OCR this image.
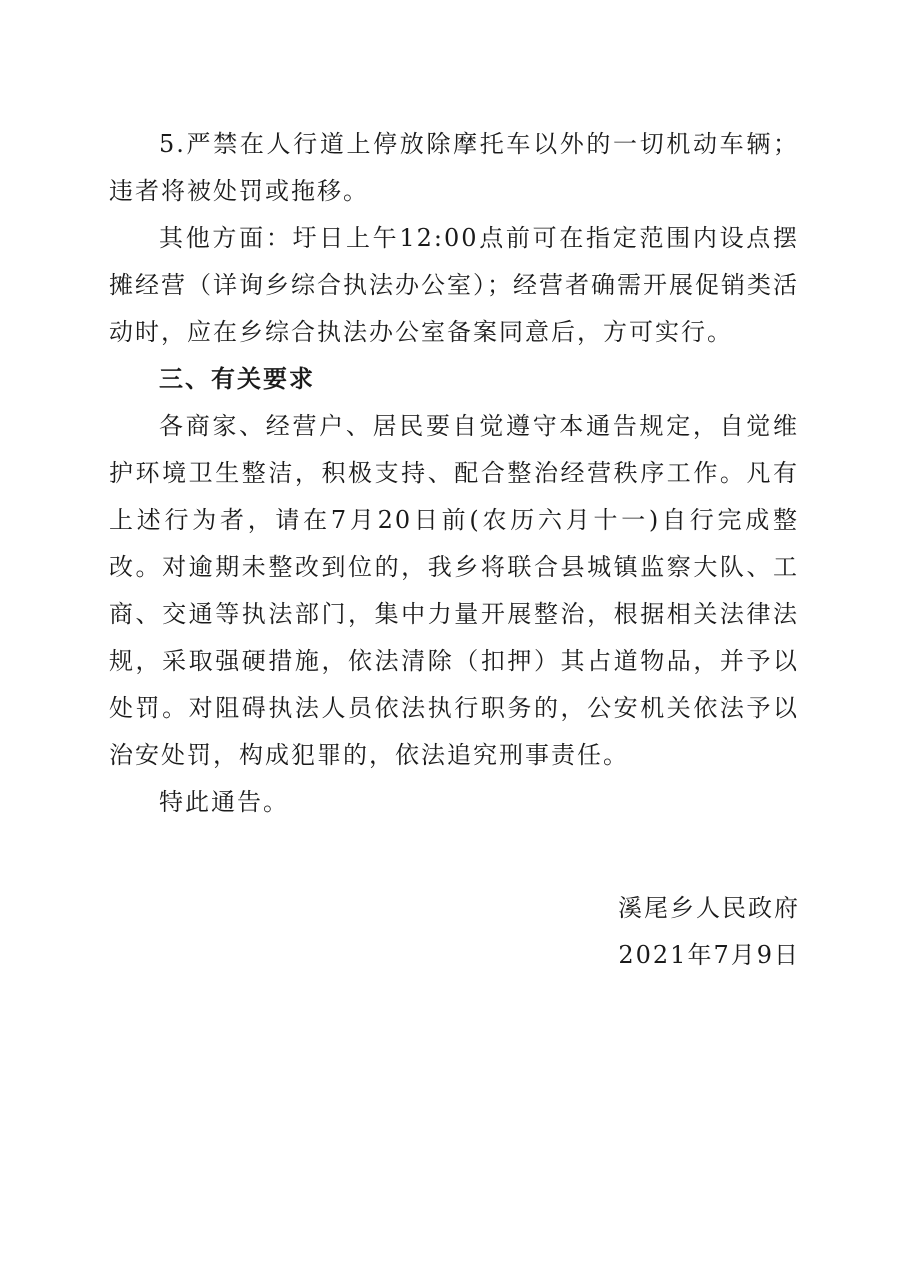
5.严禁在人行道上停放除摩托车以外的一切机动车辆；违者将被处罚或拖移。

其他方面：圩日上午12:00点前可在指定范围内设点摆摊经营（详询乡综合执法办公室）；经营者确需开展促销类活动时，应在乡综合执法办公室备案同意后，方可实行。

三、有关要求

各商家、经营户、居民要自觉遵守本通告规定，自觉维护环境卫生整洁，积极支持、配合整治经营秩序工作。凡有上述行为者，请在7月20日前(农历六月十一)自行完成整改。对逾期未整改到位的，我乡将联合县城镇监察大队、工商、交通等执法部门，集中力量开展整治，根据相关法律法规，采取强硬措施，依法清除（扣押）其占道物品，并予以处罚。对阻碍执法人员依法执行职务的，公安机关依法予以治安处罚，构成犯罪的，依法追究刑事责任。

特此通告。

溪尾乡人民政府
2021年7月9日
